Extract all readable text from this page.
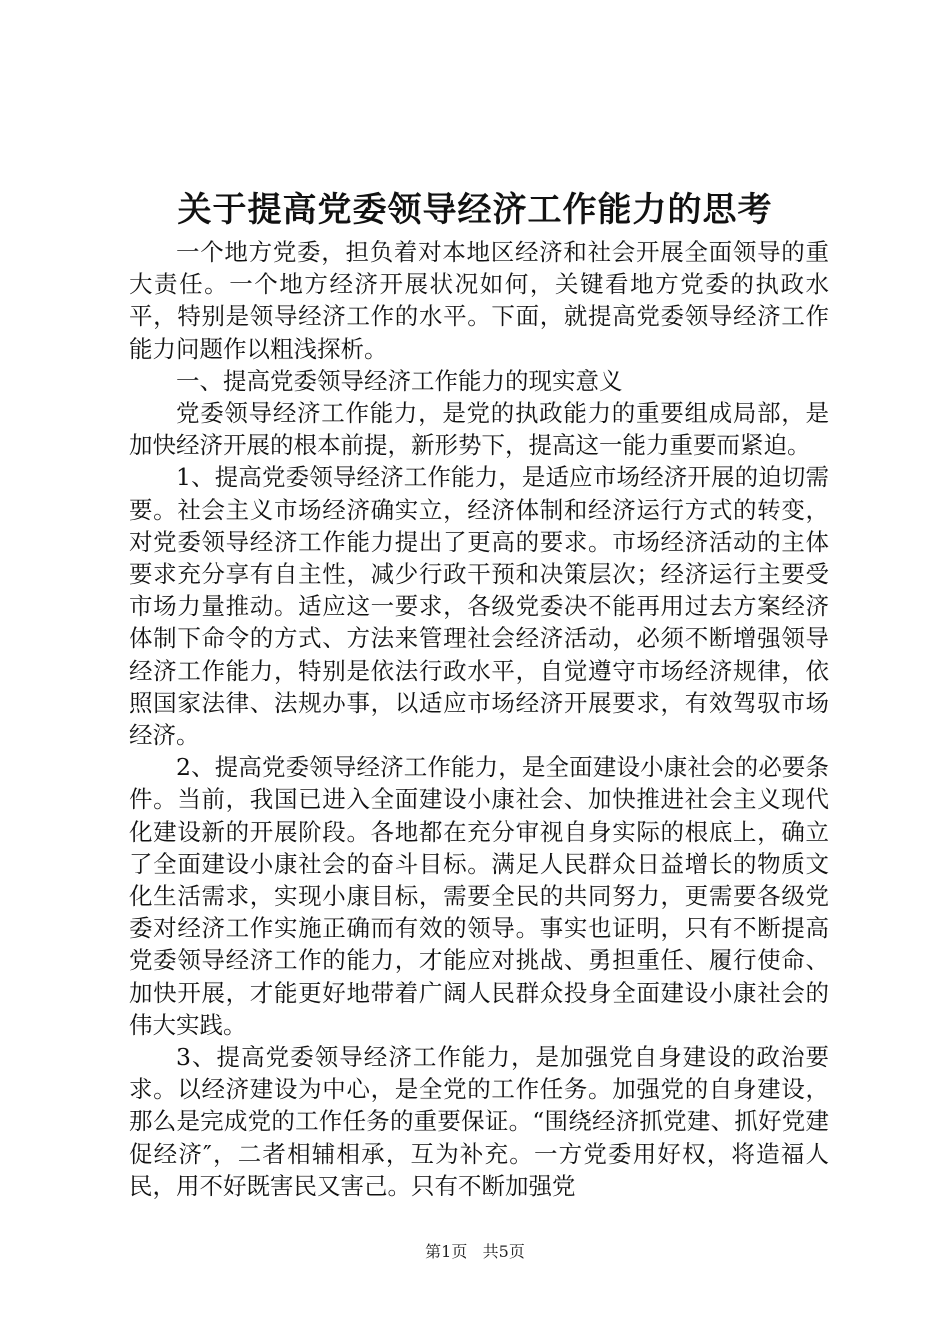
关于提高党委领导经济工作能力的思考

一个地方党委，担负着对本地区经济和社会开展全面领导的重大责任。一个地方经济开展状况如何，关键看地方党委的执政水平，特别是领导经济工作的水平。下面，就提高党委领导经济工作能力问题作以粗浅探析。

一、提高党委领导经济工作能力的现实意义

党委领导经济工作能力，是党的执政能力的重要组成局部，是加快经济开展的根本前提，新形势下，提高这一能力重要而紧迫。

1、提高党委领导经济工作能力，是适应市场经济开展的迫切需要。社会主义市场经济确实立，经济体制和经济运行方式的转变，对党委领导经济工作能力提出了更高的要求。市场经济活动的主体要求充分享有自主性，减少行政干预和决策层次；经济运行主要受市场力量推动。适应这一要求，各级党委决不能再用过去方案经济体制下命令的方式、方法来管理社会经济活动，必须不断增强领导经济工作能力，特别是依法行政水平，自觉遵守市场经济规律，依照国家法律、法规办事，以适应市场经济开展要求，有效驾驭市场经济。

2、提高党委领导经济工作能力，是全面建设小康社会的必要条件。当前，我国已进入全面建设小康社会、加快推进社会主义现代化建设新的开展阶段。各地都在充分审视自身实际的根底上，确立了全面建设小康社会的奋斗目标。满足人民群众日益增长的物质文化生活需求，实现小康目标，需要全民的共同努力，更需要各级党委对经济工作实施正确而有效的领导。事实也证明，只有不断提高党委领导经济工作的能力，才能应对挑战、勇担重任、履行使命、加快开展，才能更好地带着广阔人民群众投身全面建设小康社会的伟大实践。

3、提高党委领导经济工作能力，是加强党自身建设的政治要求。以经济建设为中心，是全党的工作任务。加强党的自身建设，那么是完成党的工作任务的重要保证。“围绕经济抓党建、抓好党建促经济″，二者相辅相承，互为补充。一方党委用好权，将造福人民，用不好既害民又害己。只有不断加强党

第1页 共5页
